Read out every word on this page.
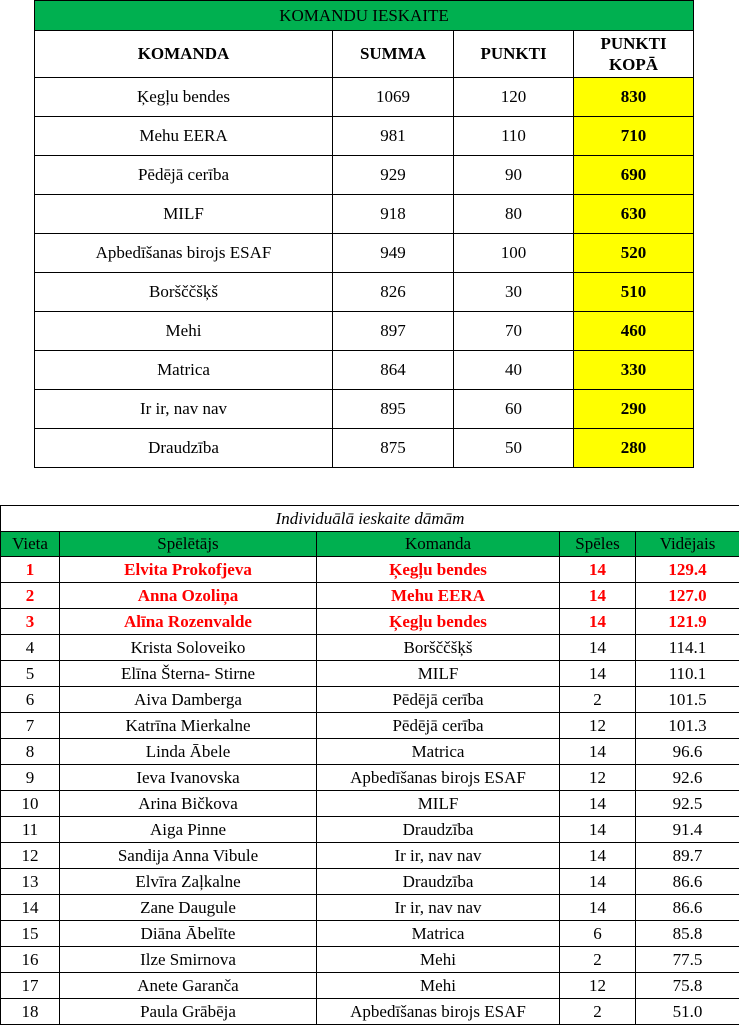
KOMANDU IESKAITE			
KOMANDA	SUMMA	PUNKTI	PUNKTI
KOPĀ
Ķegļu bendes	1069	120	830
Mehu EERA	981	110	710
Pēdējā cerība	929	90	690
MILF	918	80	630
Apbedīšanas birojs ESAF	949	100	520
Boršččšķš	826	30	510
Mehi	897	70	460
Matrica	864	40	330
Ir ir, nav nav	895	60	290
Draudzība	875	50	280
Individuālā ieskaite dāmām				
Vieta	Spēlētājs	Komanda	Spēles	Vidējais
1	Elvita Prokofjeva	Ķegļu bendes	14	129.4
2	Anna Ozoliņa	Mehu EERA	14	127.0
3	Alīna Rozenvalde	Ķegļu bendes	14	121.9
4	Krista Soloveiko	Boršččšķš	14	114.1
5	Elīna Šterna- Stirne	MILF	14	110.1
6	Aiva Damberga	Pēdējā cerība	2	101.5
7	Katrīna Mierkalne	Pēdējā cerība	12	101.3
8	Linda Ābele	Matrica	14	96.6
9	Ieva Ivanovska	Apbedīšanas birojs ESAF	12	92.6
10	Arina Bičkova	MILF	14	92.5
11	Aiga Pinne	Draudzība	14	91.4
12	Sandija Anna Vibule	Ir ir, nav nav	14	89.7
13	Elvīra Zaļkalne	Draudzība	14	86.6
14	Zane Daugule	Ir ir, nav nav	14	86.6
15	Diāna Ābelīte	Matrica	6	85.8
16	Ilze Smirnova	Mehi	2	77.5
17	Anete Garanča	Mehi	12	75.8
18	Paula Grābēja	Apbedīšanas birojs ESAF	2	51.0
